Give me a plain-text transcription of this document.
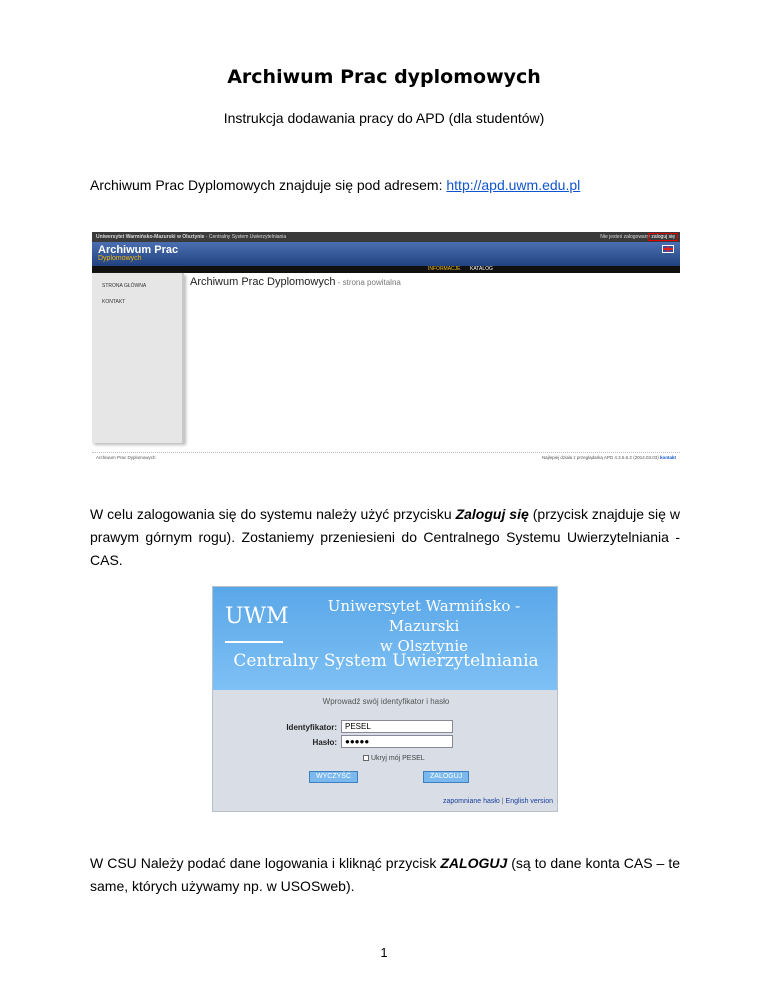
Archiwum Prac dyplomowych
Instrukcja dodawania pracy do APD (dla studentów)
Archiwum Prac Dyplomowych znajduje się pod adresem: http://apd.uwm.edu.pl
Uniwersytet Warmińsko-Mazurski w Olsztynie - Centralny System Uwierzytelniania	Nie jesteś zalogowany zaloguj się
Archiwum Prac
Dyplomowych
INFORMACJE KATALOG
STRONA GŁÓWNA
KONTAKT
Archiwum Prac Dyplomowych - strona powitalna
Archiwum Prac Dyplomowych	Najlepiej działa z przeglądarką APD 4.3.5.6.2 (2014.03.03) kontakt
W celu zalogowania się do systemu należy użyć przycisku Zaloguj się (przycisk znajduje się w prawym górnym rogu). Zostaniemy przeniesieni do Centralnego Systemu Uwierzytelniania - CAS.
UWM	Uniwersytet Warmińsko - Mazurski
w Olsztynie
Centralny System Uwierzytelniania
Wprowadź swój identyfikator i hasło
Identyfikator:	PESEL
Hasło:	●●●●●
Ukryj mój PESEL
WYCZYŚĆ	ZALOGUJ
zapomniane hasło | English version
W CSU Należy podać dane logowania i kliknąć przycisk ZALOGUJ (są to dane konta CAS – te same, których używamy np. w USOSweb).
1
